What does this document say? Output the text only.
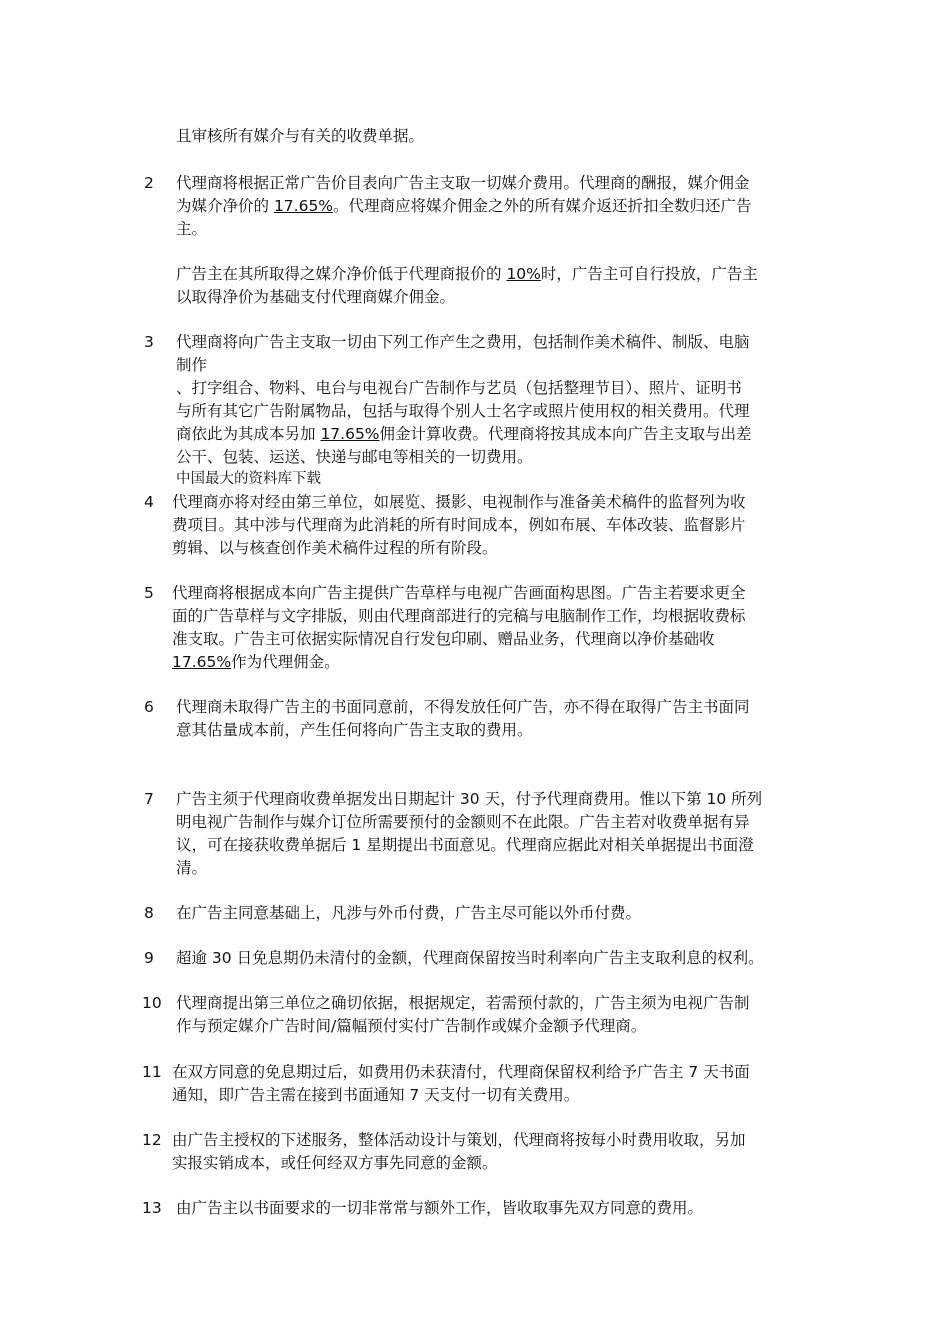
且审核所有媒介与有关的收费单据。
2 代理商将根据正常广告价目表向广告主支取一切媒介费用。代理商的酬报，媒介佣金
为媒介净价的 17.65%。代理商应将媒介佣金之外的所有媒介返还折扣全数归还广告
主。
广告主在其所取得之媒介净价低于代理商报价的 10%时，广告主可自行投放，广告主
以取得净价为基础支付代理商媒介佣金。
3 代理商将向广告主支取一切由下列工作产生之费用，包括制作美术稿件、制版、电脑
制作
、打字组合、物料、电台与电视台广告制作与艺员（包括整理节目）、照片、证明书
与所有其它广告附属物品，包括与取得个别人士名字或照片使用权的相关费用。代理
商依此为其成本另加 17.65%佣金计算收费。代理商将按其成本向广告主支取与出差
公干、包装、运送、快递与邮电等相关的一切费用。
中国最大的资料库下载
4 代理商亦将对经由第三单位，如展览、摄影、电视制作与准备美术稿件的监督列为收
费项目。其中涉与代理商为此消耗的所有时间成本，例如布展、车体改装、监督影片
剪辑、以与核查创作美术稿件过程的所有阶段。
5 代理商将根据成本向广告主提供广告草样与电视广告画面构思图。广告主若要求更全
面的广告草样与文字排版，则由代理商部进行的完稿与电脑制作工作，均根据收费标
准支取。广告主可依据实际情况自行发包印刷、赠品业务，代理商以净价基础收
17.65%作为代理佣金。
6 代理商未取得广告主的书面同意前，不得发放任何广告，亦不得在取得广告主书面同
意其估量成本前，产生任何将向广告主支取的费用。
7 广告主须于代理商收费单据发出日期起计 30 天，付予代理商费用。惟以下第 10 所列
明电视广告制作与媒介订位所需要预付的金额则不在此限。广告主若对收费单据有异
议，可在接获收费单据后 1 星期提出书面意见。代理商应据此对相关单据提出书面澄
清。
8 在广告主同意基础上，凡涉与外币付费，广告主尽可能以外币付费。
9 超逾 30 日免息期仍未清付的金额，代理商保留按当时利率向广告主支取利息的权利。
10 代理商提出第三单位之确切依据，根据规定，若需预付款的，广告主须为电视广告制
作与预定媒介广告时间/篇幅预付实付广告制作或媒介金额予代理商。
11 在双方同意的免息期过后，如费用仍未获清付，代理商保留权利给予广告主 7 天书面
通知，即广告主需在接到书面通知 7 天支付一切有关费用。
12 由广告主授权的下述服务，整体活动设计与策划，代理商将按每小时费用收取，另加
实报实销成本，或任何经双方事先同意的金额。
13 由广告主以书面要求的一切非常常与额外工作，皆收取事先双方同意的费用。
